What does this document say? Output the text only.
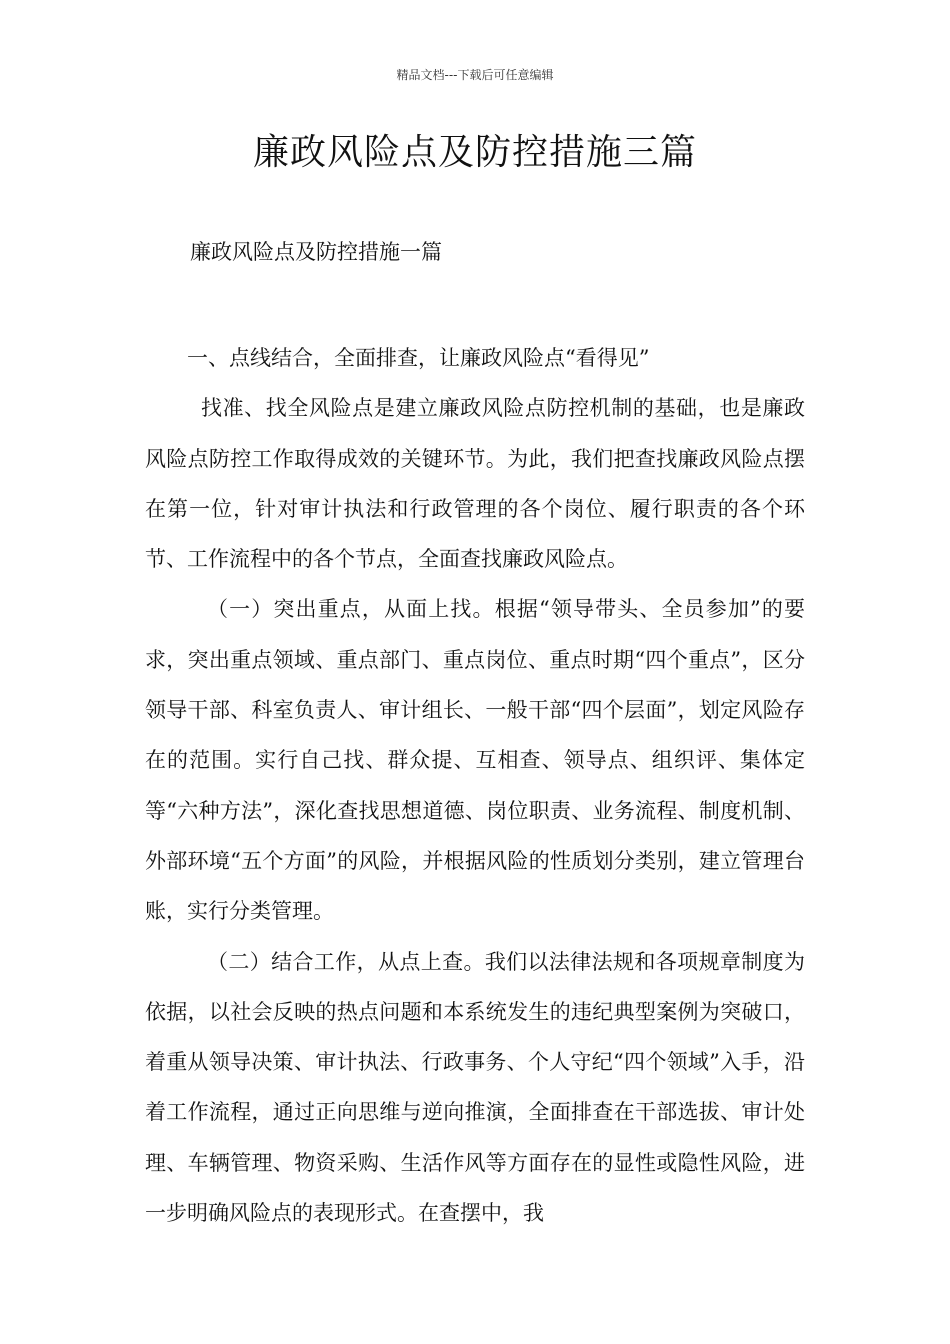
精品文档---下载后可任意编辑
廉政风险点及防控措施三篇
廉政风险点及防控措施一篇

一、点线结合，全面排查，让廉政风险点“看得见”

找准、找全风险点是建立廉政风险点防控机制的基础，也是廉政风险点防控工作取得成效的关键环节。为此，我们把查找廉政风险点摆在第一位，针对审计执法和行政管理的各个岗位、履行职责的各个环节、工作流程中的各个节点，全面查找廉政风险点。

（一）突出重点，从面上找。根据“领导带头、全员参加”的要求，突出重点领域、重点部门、重点岗位、重点时期“四个重点”，区分领导干部、科室负责人、审计组长、一般干部“四个层面”，划定风险存在的范围。实行自己找、群众提、互相查、领导点、组织评、集体定等“六种方法”，深化查找思想道德、岗位职责、业务流程、制度机制、外部环境“五个方面”的风险，并根据风险的性质划分类别，建立管理台账，实行分类管理。

（二）结合工作，从点上查。我们以法律法规和各项规章制度为依据，以社会反映的热点问题和本系统发生的违纪典型案例为突破口，着重从领导决策、审计执法、行政事务、个人守纪“四个领域”入手，沿着工作流程，通过正向思维与逆向推演，全面排查在干部选拔、审计处理、车辆管理、物资采购、生活作风等方面存在的显性或隐性风险，进一步明确风险点的表现形式。在查摆中，我
